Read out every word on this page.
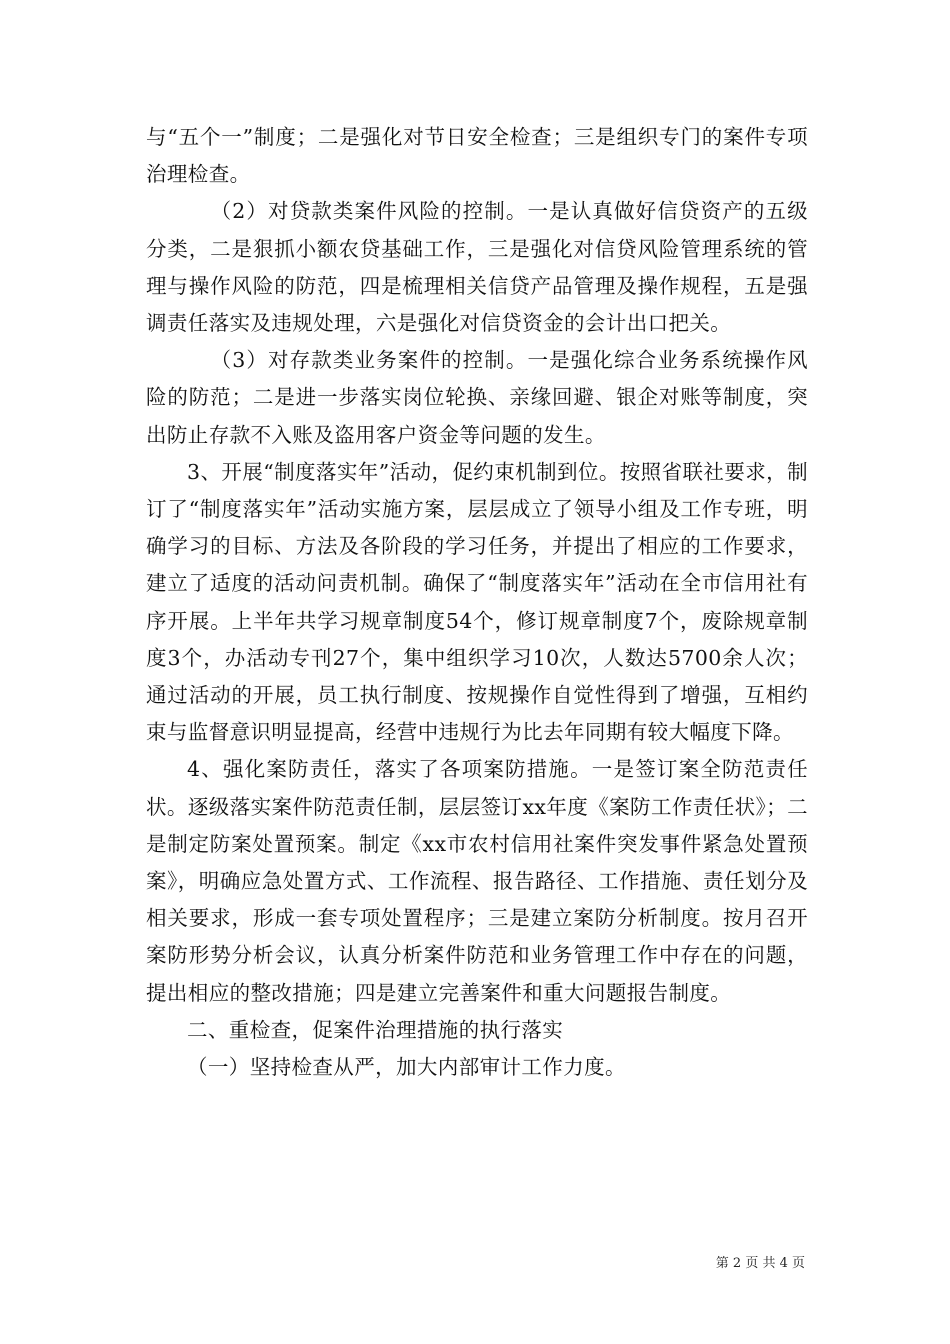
与“五个一”制度；二是强化对节日安全检查；三是组织专门的案件专项治理检查。

（2）对贷款类案件风险的控制。一是认真做好信贷资产的五级分类，二是狠抓小额农贷基础工作，三是强化对信贷风险管理系统的管理与操作风险的防范，四是梳理相关信贷产品管理及操作规程，五是强调责任落实及违规处理，六是强化对信贷资金的会计出口把关。

（3）对存款类业务案件的控制。一是强化综合业务系统操作风险的防范；二是进一步落实岗位轮换、亲缘回避、银企对账等制度，突出防止存款不入账及盗用客户资金等问题的发生。

3、开展“制度落实年”活动，促约束机制到位。按照省联社要求，制订了“制度落实年”活动实施方案，层层成立了领导小组及工作专班，明确学习的目标、方法及各阶段的学习任务，并提出了相应的工作要求，建立了适度的活动问责机制。确保了“制度落实年”活动在全市信用社有序开展。上半年共学习规章制度54个，修订规章制度7个，废除规章制度3个，办活动专刊27个，集中组织学习10次，人数达5700余人次；通过活动的开展，员工执行制度、按规操作自觉性得到了增强，互相约束与监督意识明显提高，经营中违规行为比去年同期有较大幅度下降。

4、强化案防责任，落实了各项案防措施。一是签订案全防范责任状。逐级落实案件防范责任制，层层签订xx年度《案防工作责任状》；二是制定防案处置预案。制定《xx市农村信用社案件突发事件紧急处置预案》，明确应急处置方式、工作流程、报告路径、工作措施、责任划分及相关要求，形成一套专项处置程序；三是建立案防分析制度。按月召开案防形势分析会议，认真分析案件防范和业务管理工作中存在的问题，提出相应的整改措施；四是建立完善案件和重大问题报告制度。

二、重检查，促案件治理措施的执行落实

（一）坚持检查从严，加大内部审计工作力度。

第 2 页 共 4 页
